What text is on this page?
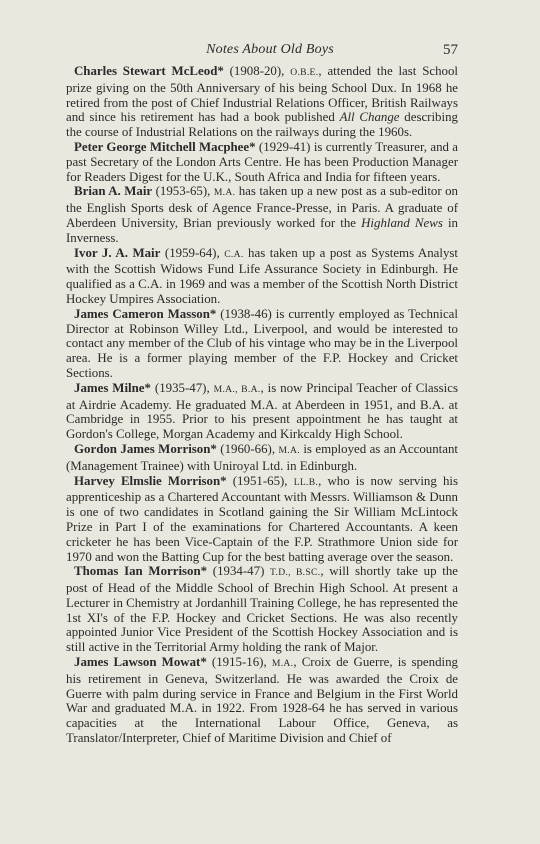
Notes About Old Boys	57

Charles Stewart McLeod* (1908-20), O.B.E., attended the last School prize giving on the 50th Anniversary of his being School Dux. In 1968 he retired from the post of Chief Industrial Relations Officer, British Railways and since his retirement has had a book published All Change describing the course of Industrial Relations on the railways during the 1960s.

Peter George Mitchell Macphee* (1929-41) is currently Treasurer, and a past Secretary of the London Arts Centre. He has been Production Manager for Readers Digest for the U.K., South Africa and India for fifteen years.

Brian A. Mair (1953-65), M.A. has taken up a new post as a sub-editor on the English Sports desk of Agence France-Presse, in Paris. A graduate of Aberdeen University, Brian previously worked for the Highland News in Inverness.

Ivor J. A. Mair (1959-64), C.A. has taken up a post as Systems Analyst with the Scottish Widows Fund Life Assurance Society in Edinburgh. He qualified as a C.A. in 1969 and was a member of the Scottish North District Hockey Umpires Association.

James Cameron Masson* (1938-46) is currently employed as Technical Director at Robinson Willey Ltd., Liverpool, and would be interested to contact any member of the Club of his vintage who may be in the Liverpool area. He is a former playing member of the F.P. Hockey and Cricket Sections.

James Milne* (1935-47), M.A., B.A., is now Principal Teacher of Classics at Airdrie Academy. He graduated M.A. at Aberdeen in 1951, and B.A. at Cambridge in 1955. Prior to his present appointment he has taught at Gordon's College, Morgan Academy and Kirkcaldy High School.

Gordon James Morrison* (1960-66), M.A. is employed as an Accountant (Management Trainee) with Uniroyal Ltd. in Edinburgh.

Harvey Elmslie Morrison* (1951-65), LL.B., who is now serving his apprenticeship as a Chartered Accountant with Messrs. Williamson & Dunn is one of two candidates in Scotland gaining the Sir William McLintock Prize in Part I of the examinations for Chartered Accountants. A keen cricketer he has been Vice-Captain of the F.P. Strathmore Union side for 1970 and won the Batting Cup for the best batting average over the season.

Thomas Ian Morrison* (1934-47) T.D., B.SC., will shortly take up the post of Head of the Middle School of Brechin High School. At present a Lecturer in Chemistry at Jordanhill Training College, he has represented the 1st XI's of the F.P. Hockey and Cricket Sections. He was also recently appointed Junior Vice President of the Scottish Hockey Association and is still active in the Territorial Army holding the rank of Major.

James Lawson Mowat* (1915-16), M.A., Croix de Guerre, is spending his retirement in Geneva, Switzerland. He was awarded the Croix de Guerre with palm during service in France and Belgium in the First World War and graduated M.A. in 1922. From 1928-64 he has served in various capacities at the International Labour Office, Geneva, as Translator/Interpreter, Chief of Maritime Division and Chief of
